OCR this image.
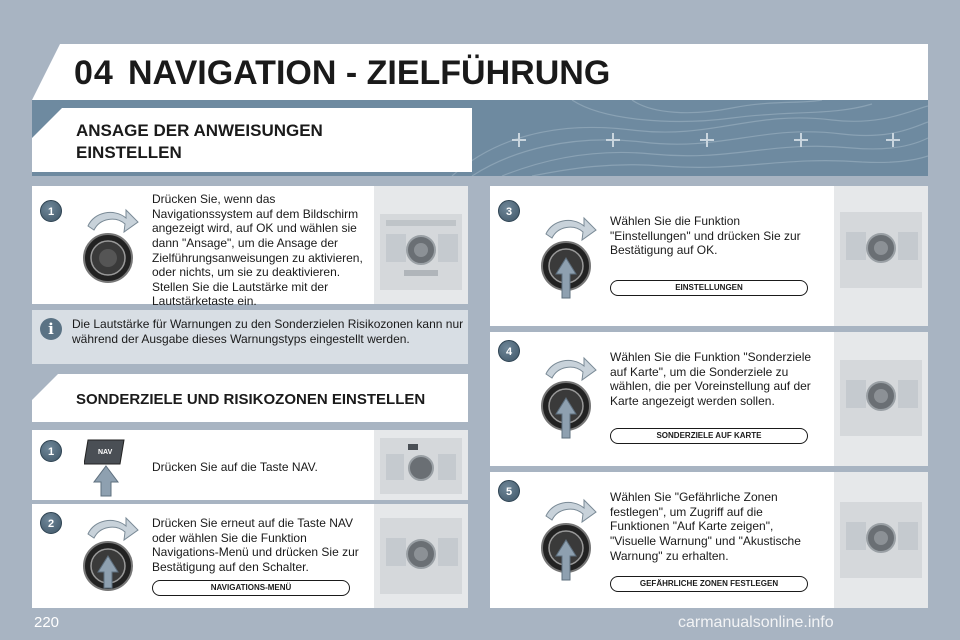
04 NAVIGATION - ZIELFÜHRUNG
ANSAGE DER ANWEISUNGEN
EINSTELLEN
1
Drücken Sie, wenn das Navigationssystem auf dem Bildschirm angezeigt wird, auf OK und wählen sie dann "Ansage", um die Ansage der Zielführungsanweisungen zu aktivieren, oder nichts, um sie zu deaktivieren. Stellen Sie die Lautstärke mit der Lautstärketaste ein.
i	Die Lautstärke für Warnungen zu den Sonderzielen Risikozonen kann nur während der Ausgabe dieses Warnungstyps eingestellt werden.
SONDERZIELE UND RISIKOZONEN EINSTELLEN
1	NAV
Drücken Sie auf die Taste NAV.
2	Drücken Sie erneut auf die Taste NAV oder wählen Sie die Funktion Navigations-Menü und drücken Sie zur Bestätigung auf den Schalter.
NAVIGATIONS-MENÜ
3
Wählen Sie die Funktion "Einstellungen" und drücken Sie zur Bestätigung auf OK.
EINSTELLUNGEN
4	Wählen Sie die Funktion "Sonderziele auf Karte", um die Sonderziele zu wählen, die per Voreinstellung auf der Karte angezeigt werden sollen.
SONDERZIELE AUF KARTE
5	Wählen Sie "Gefährliche Zonen festlegen", um Zugriff auf die Funktionen "Auf Karte zeigen", "Visuelle Warnung" und "Akustische Warnung" zu erhalten.
GEFÄHRLICHE ZONEN FESTLEGEN
220	carmanualsonline.info
